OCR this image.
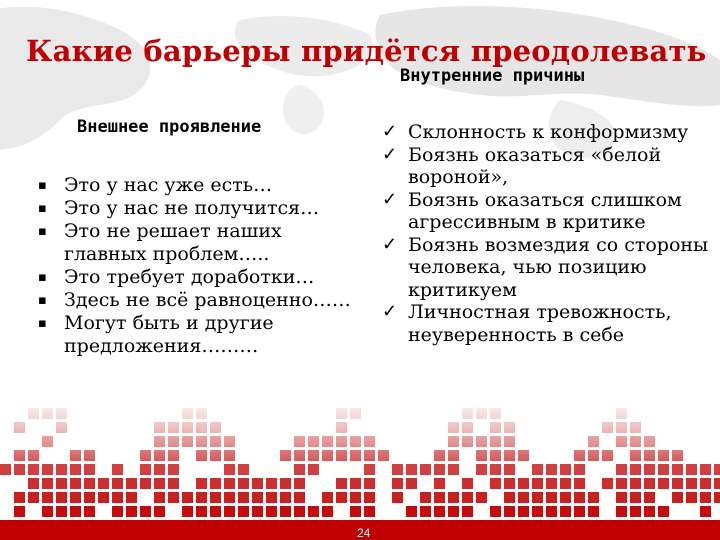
Какие барьеры придётся преодолевать
Внутренние причины
Внешнее проявление
▪ Это у нас уже есть…
▪ Это у нас не получится…
▪ Это не решает наших главных проблем…..
▪ Это требует доработки…
▪ Здесь не всё равноценно……
▪ Могут быть и другие предложения………
✓ Склонность к конформизму
✓ Боязнь оказаться «белой вороной»,
✓ Боязнь оказаться слишком агрессивным в критике
✓ Боязнь возмездия со стороны человека, чью позицию критикуем
✓ Личностная тревожность, неуверенность в себе
24
